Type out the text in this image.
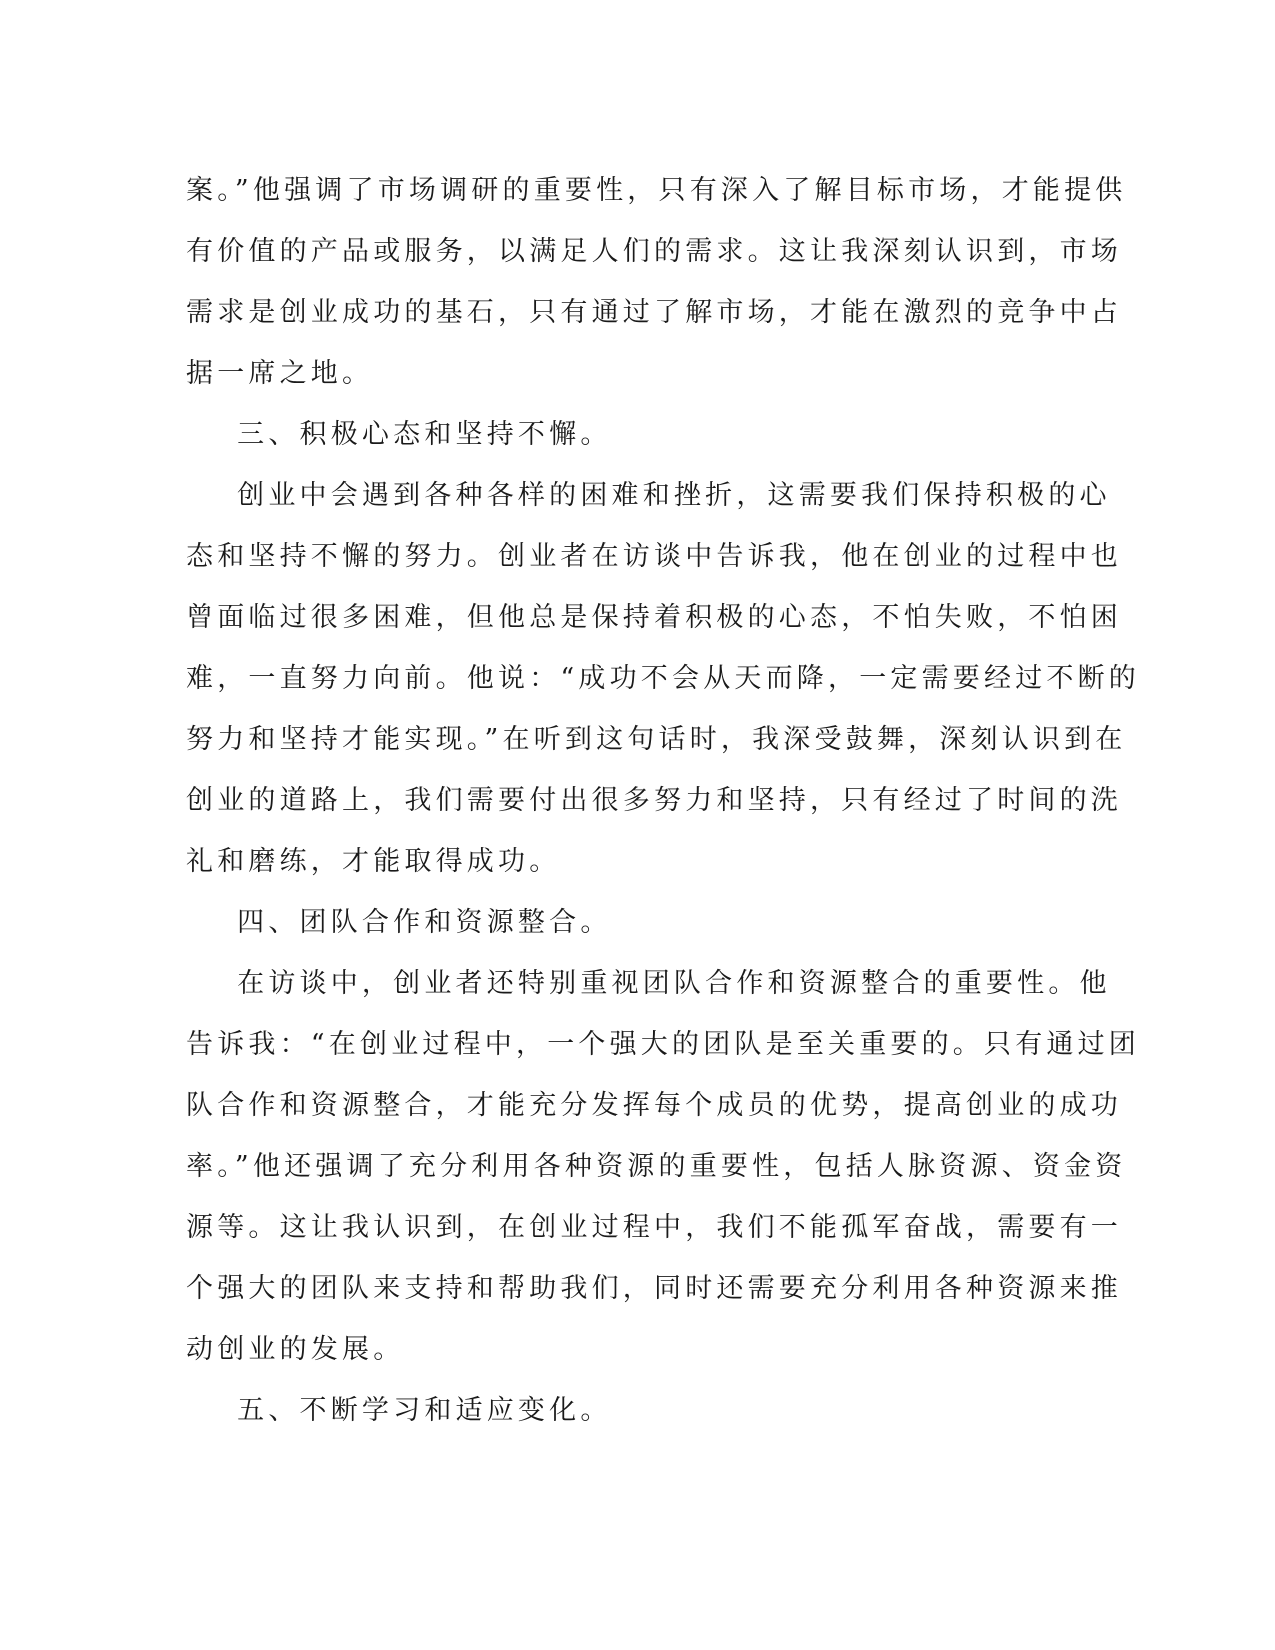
案。”他强调了市场调研的重要性，只有深入了解目标市场，才能提供
有价值的产品或服务，以满足人们的需求。这让我深刻认识到，市场
需求是创业成功的基石，只有通过了解市场，才能在激烈的竞争中占
据一席之地。
三、积极心态和坚持不懈。
创业中会遇到各种各样的困难和挫折，这需要我们保持积极的心
态和坚持不懈的努力。创业者在访谈中告诉我，他在创业的过程中也
曾面临过很多困难，但他总是保持着积极的心态，不怕失败，不怕困
难，一直努力向前。他说：“成功不会从天而降，一定需要经过不断的
努力和坚持才能实现。”在听到这句话时，我深受鼓舞，深刻认识到在
创业的道路上，我们需要付出很多努力和坚持，只有经过了时间的洗
礼和磨练，才能取得成功。
四、团队合作和资源整合。
在访谈中，创业者还特别重视团队合作和资源整合的重要性。他
告诉我：“在创业过程中，一个强大的团队是至关重要的。只有通过团
队合作和资源整合，才能充分发挥每个成员的优势，提高创业的成功
率。”他还强调了充分利用各种资源的重要性，包括人脉资源、资金资
源等。这让我认识到，在创业过程中，我们不能孤军奋战，需要有一
个强大的团队来支持和帮助我们，同时还需要充分利用各种资源来推
动创业的发展。
五、不断学习和适应变化。
